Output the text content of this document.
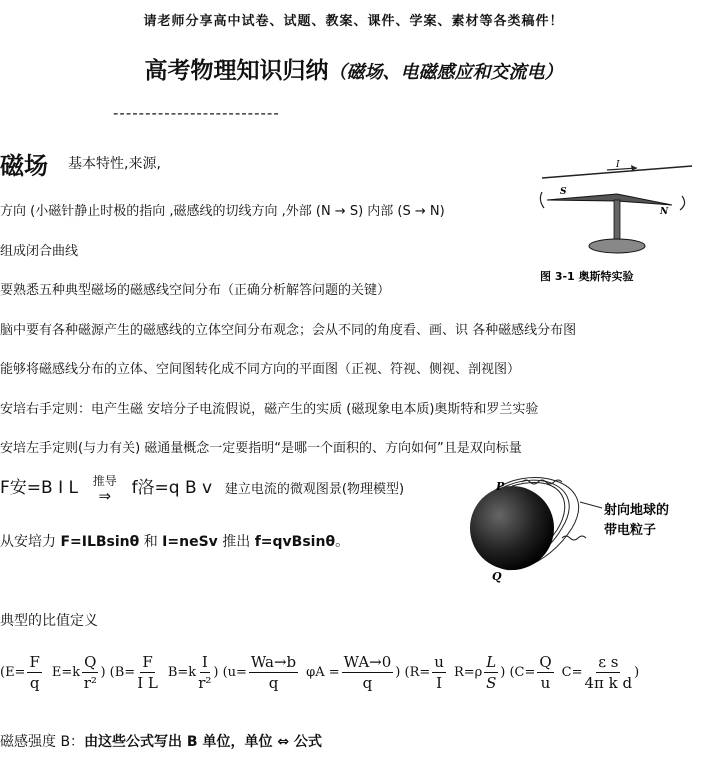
请老师分享高中试卷、试题、教案、课件、学案、素材等各类稿件！
高考物理知识归纳（磁场、电磁感应和交流电）
--------------------------
磁场 基本特性,来源,
方向 (小磁针静止时极的指向 ,磁感线的切线方向 ,外部 (N → S) 内部 (S → N)
组成闭合曲线
要熟悉五种典型磁场的磁感线空间分布（正确分析解答问题的关键）
脑中要有各种磁源产生的磁感线的立体空间分布观念；会从不同的角度看、画、识 各种磁感线分布图
能够将磁感线分布的立体、空间图转化成不同方向的平面图（正视、符视、侧视、剖视图）
安培右手定则：电产生磁 安培分子电流假说，磁产生的实质 (磁现象电本质)奥斯特和罗兰实验
安培左手定则(与力有关) 磁通量概念一定要指明“是哪一个面积的、方向如何”且是双向标量
F安=B I L 推导
⇒	f洛=q B v 建立电流的微观图景(物理模型)
从安培力 F=ILBsinθ 和 I=neSv 推出 f=qvBsinθ。
典型的比值定义
($E= \frac{F}{q} E=k \frac{Q}{\text{r²}}$ ) ($B= \frac{F}{\text{I L}} B=k \frac{I}{\text{r²}}$ ) ($u= \frac{Wa\to b}{q}$ $\varphi A = \frac{WA\to 0}{q}$ ) ($R= \frac{u}{I} R=\rho \frac{L}{S}$ ) ($C= \frac{Q}{u} C= \frac{\text{ε s}}{\text{4π k d}}$ )
磁感强度 B：由这些公式写出 B 单位，单位 ⇔ 公式
I
S
N
图 3-1 奥斯特实验
P
Q
射向地球的
带电粒子
